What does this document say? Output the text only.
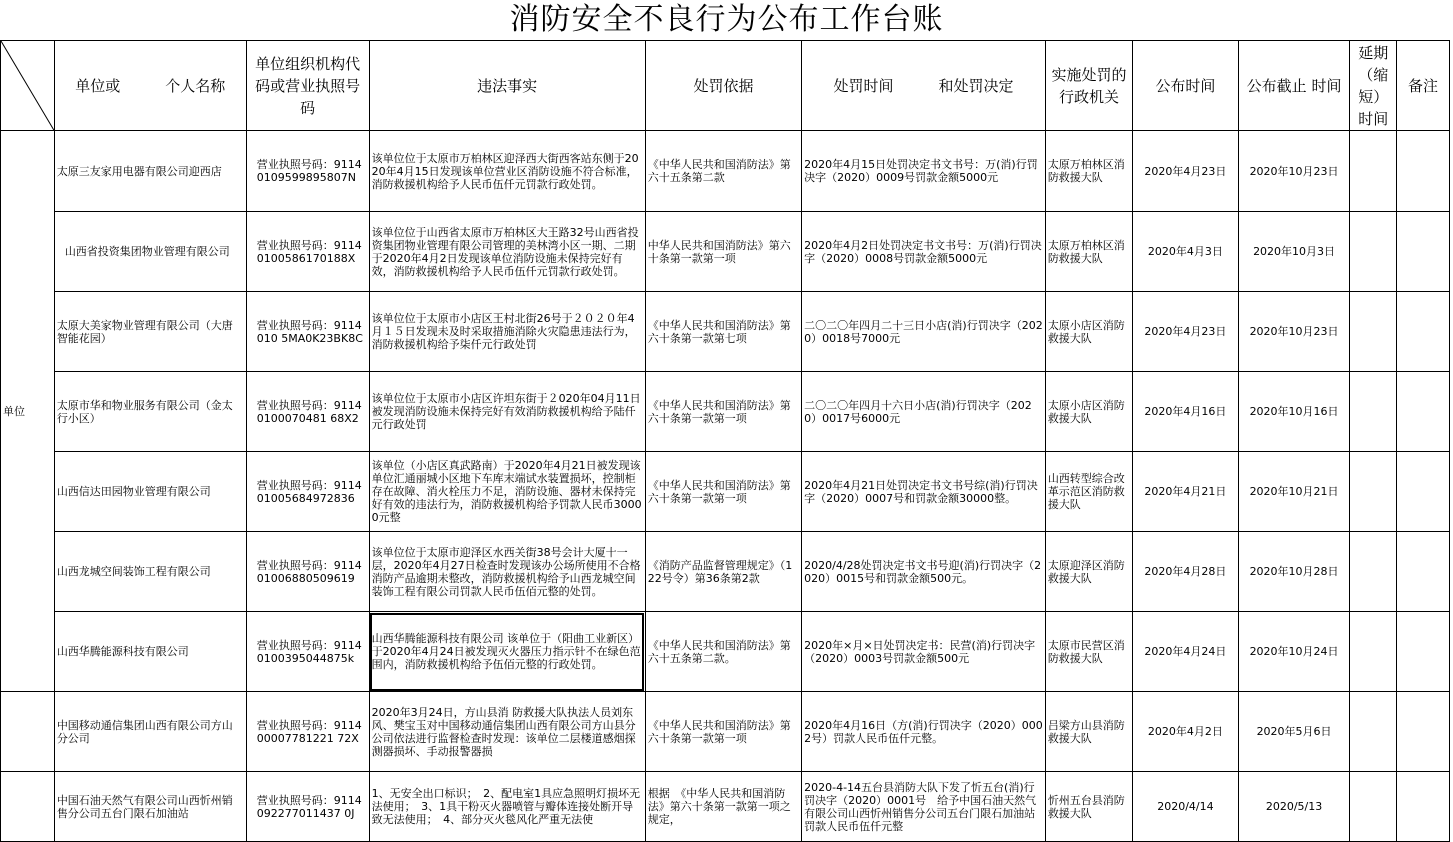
消防安全不良行为公布工作台账
	单位或　　　个人名称	单位组织机构代码或营业执照号码	违法事实	处罚依据	处罚时间　　　和处罚决定	实施处罚的行政机关	公布时间	公布截止 时间	延期（缩短）时间	备注
单位	太原三友家用电器有限公司迎西店	营业执照号码：91140109599895807N	该单位位于太原市万柏林区迎泽西大街西客站东侧于2020年4月15日发现该单位营业区消防设施不符合标准，消防救援机构给予人民币伍仟元罚款行政处罚。	《中华人民共和国消防法》第六十五条第二款	2020年4月15日处罚决定书文书号：万(消)行罚决字（2020）0009号罚款金额5000元	太原万柏林区消防救援大队	2020年4月23日	2020年10月23日		
	山西省投资集团物业管理有限公司	营业执照号码：91140100586170188X	该单位位于山西省太原市万柏林区大王路32号山西省投资集团物业管理有限公司管理的美林湾小区一期、二期于2020年4月2日发现该单位消防设施未保持完好有效，消防救援机构给予人民币伍仟元罚款行政处罚。	中华人民共和国消防法》第六十条第一款第一项	2020年4月2日处罚决定书文书号：万(消)行罚决字（2020）0008号罚款金额5000元	太原万柏林区消防救援大队	2020年4月3日	2020年10月3日		
	太原大美家物业管理有限公司（大唐智能花园）	营业执照号码：9114010 5MA0K23BK8C	该单位位于太原市小店区王村北街26号于２０２０年4月１５日发现未及时采取措施消除火灾隐患违法行为，消防救援机构给予柒仟元行政处罚	《中华人民共和国消防法》第六十条第一款第七项	二〇二〇年四月二十三日小店(消)行罚决字（2020）0018号7000元	太原小店区消防救援大队	2020年4月23日	2020年10月23日		
	太原市华和物业服务有限公司（金太行小区）	营业执照号码：91140100070481 68X2	该单位位于太原市小店区许坦东街于２020年04月11日被发现消防设施未保持完好有效消防救援机构给予陆仟元行政处罚	《中华人民共和国消防法》第六十条第一款第一项	二〇二〇年四月十六日小店(消)行罚决字（2020）0017号6000元	太原小店区消防救援大队	2020年4月16日	2020年10月16日		
	山西信达田园物业管理有限公司	营业执照号码：911401005684972836	该单位（小店区真武路南）于2020年4月21日被发现该单位汇通丽城小区地下车库末端试水装置损坏，控制柜存在故障、消火栓压力不足，消防设施、器材未保持完好有效的违法行为，消防救援机构给予罚款人民币30000元整	《中华人民共和国消防法》第六十条第一款第一项	2020年4月21日处罚决定书文书号综(消)行罚决字（2020）0007号和罚款金额30000整。	山西转型综合改革示范区消防救援大队	2020年4月21日	2020年10月21日		
	山西龙城空间装饰工程有限公司	营业执照号码：911401006880509619	该单位位于太原市迎泽区水西关街38号会计大厦十一层，2020年4月27日检查时发现该办公场所使用不合格消防产品逾期未整改，消防救援机构给予山西龙城空间装饰工程有限公司罚款人民币伍佰元整的处罚。	《消防产品监督管理规定》（122号令）第36条第2款	2020/4/28处罚决定书文书号迎(消)行罚决字（2020）0015号和罚款金额500元。	太原迎泽区消防救援大队	2020年4月28日	2020年10月28日		
	山西华腾能源科技有限公司	营业执照号码：91140100395044875k	山西华腾能源科技有限公司 该单位于（阳曲工业新区）于2020年4月24日被发现灭火器压力指示针不在绿色范围内，消防救援机构给予伍佰元整的行政处罚。	《中华人民共和国消防法》第六十五条第二款。	2020年×月×日处罚决定书：民营(消)行罚决字（2020）0003号罚款金额500元	太原市民营区消防救援大队	2020年4月24日	2020年10月24日		
	中国移动通信集团山西有限公司方山分公司	营业执照号码：911400007781221 72X	2020年3月24日，方山县消 防救援大队执法人员刘东风、樊宝玉对中国移动通信集团山西有限公司方山县分公司依法进行监督检查时发现：该单位二层楼道感烟探测器损坏、手动报警器损	《中华人民共和国消防法》第六十条第一款第一项	2020年4月16日（方(消)行罚决字（2020）0002号）罚款人民币伍仟元整。	吕梁方山县消防救援大队	2020年4月2日	2020年5月6日		
	中国石油天然气有限公司山西忻州销售分公司五台门限石加油站	营业执照号码：9114092277011437 0J	1、无安全出口标识；　2、配电室1具应急照明灯损坏无法使用；　3、1具干粉灭火器喷管与瓣体连接处断开导致无法使用；　4、部分灭火毯风化严重无法使	根据　《中华人民共和国消防法》第六十条第一款第一项之规定，	2020-4-14五台县消防大队下发了忻五台(消)行罚决字（2020）0001号　给予中国石油天然气有限公司山西忻州销售分公司五台门限石加油站罚款人民币伍仟元整	忻州五台县消防救援大队	2020/4/14	2020/5/13		
